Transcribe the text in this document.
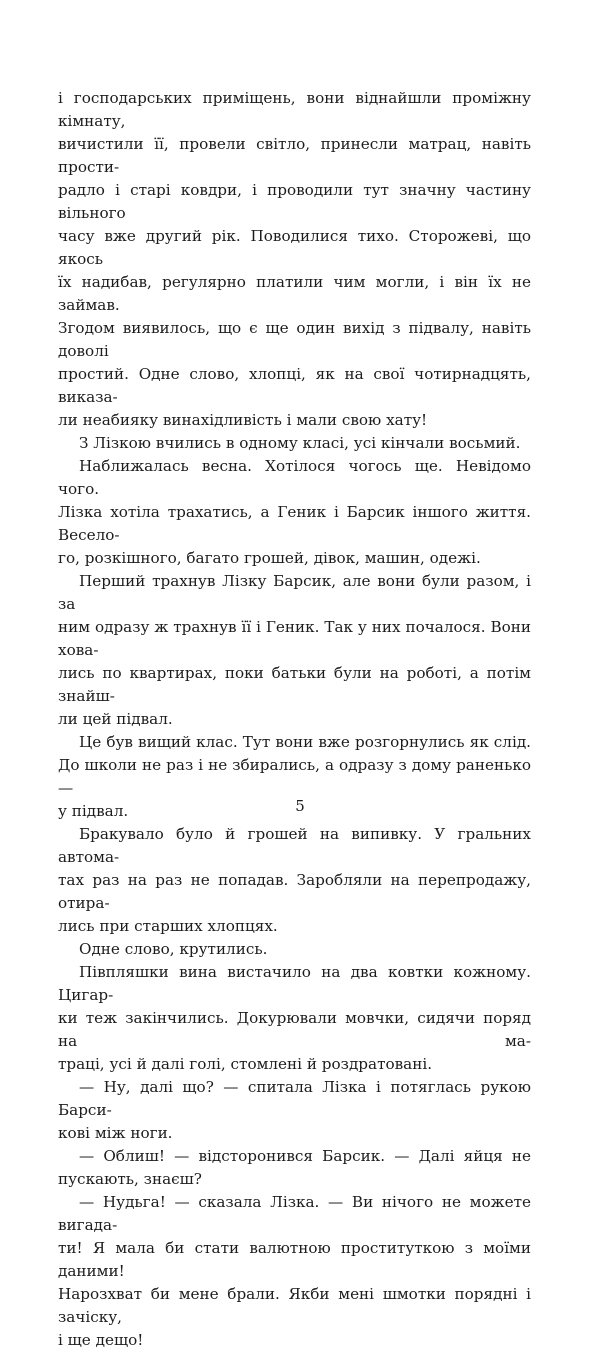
і господарських приміщень, вони віднайшли проміжну кімнату,
вичистили її, провели світло, принесли матрац, навіть прости-
радло і старі ковдри, і проводили тут значну частину вільного
часу вже другий рік. Поводилися тихо. Сторожеві, що якось
їх надибав, регулярно платили чим могли, і він їх не займав.
Згодом виявилось, що є ще один вихід з підвалу, навіть доволі
простий. Одне слово, хлопці, як на свої чотирнадцять, виказа-
ли неабияку винахідливість і мали свою хату!
З Лізкою вчились в одному класі, усі кінчали восьмий.
Наближалась весна. Хотілося чогось ще. Невідомо чого.
Лізка хотіла трахатись, а Геник і Барсик іншого життя. Весело-
го, розкішного, багато грошей, дівок, машин, одежі.
Перший трахнув Лізку Барсик, але вони були разом, і за
ним одразу ж трахнув її і Геник. Так у них почалося. Вони хова-
лись по квартирах, поки батьки були на роботі, а потім знайш-
ли цей підвал.
Це був вищий клас. Тут вони вже розгорнулись як слід.
До школи не раз і не збирались, а одразу з дому раненько —
у підвал.
Бракувало було й грошей на випивку. У гральних автома-
тах раз на раз не попадав. Заробляли на перепродажу, отира-
лись при старших хлопцях.
Одне слово, крутились.
Півпляшки вина вистачило на два ковтки кожному. Цигар-
ки теж закінчились. Докурювали мовчки, сидячи поряд на ма-
траці, усі й далі голі, стомлені й роздратовані.
— Ну, далі що? — спитала Лізка і потяглась рукою Барси-
кові між ноги.
— Облиш! — відсторонився Барсик. — Далі яйця не
пускають, знаєш?
— Нудьга! — сказала Лізка. — Ви нічого не можете вигада-
ти! Я мала би стати валютною проституткою з моїми даними!
Нарозхват би мене брали. Якби мені шмотки порядні і зачіску,
і ще дещо!
5
